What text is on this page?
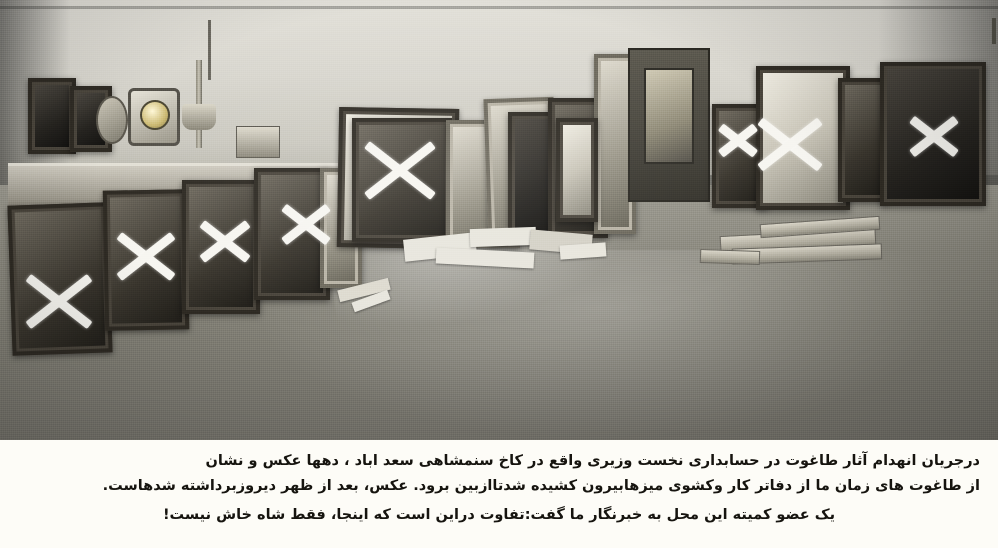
درجریان انهدام آثار طاغوت در حسابداری نخست وزیری واقع در کاخ سنمشاهی سعد اباد ، دهها عکس و نشان

از طاغوت های زمان ما از دفاتر کار وکشوی میزهابیرون کشیده شدتاازبین برود. عکس، بعد از ظهر دیروزبرداشته شدهاست.

یک عضو کمیته این محل به خبرنگار ما گفت:تفاوت دراین است که اینجا، فقط شاه خاش نیست!
